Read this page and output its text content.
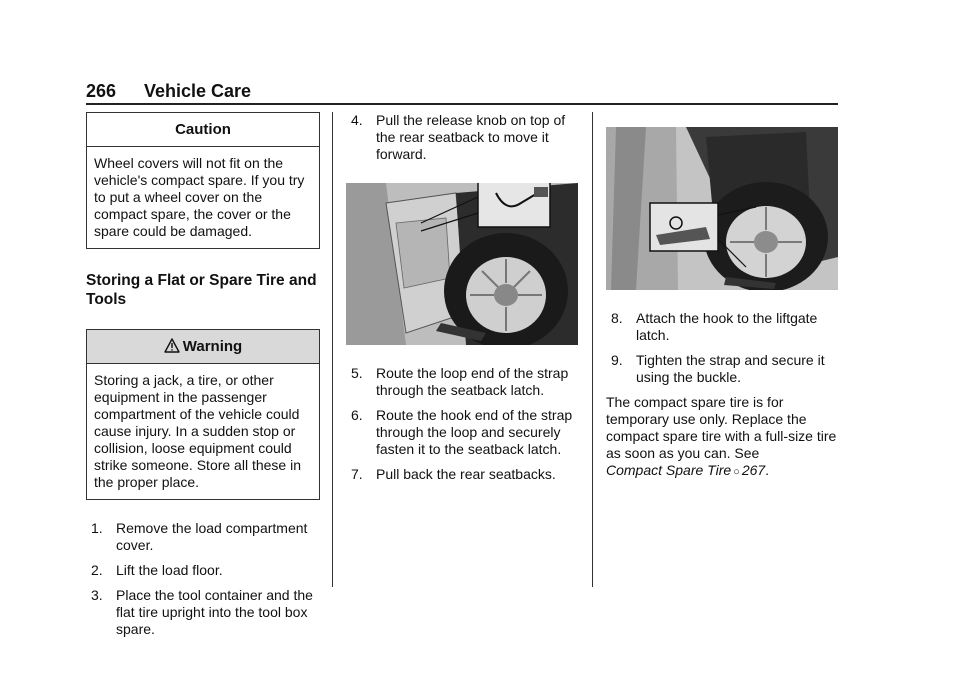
266 Vehicle Care
Caution
Wheel covers will not fit on the vehicle's compact spare. If you try to put a wheel cover on the compact spare, the cover or the spare could be damaged.
Storing a Flat or Spare Tire and Tools
Warning
Storing a jack, a tire, or other equipment in the passenger compartment of the vehicle could cause injury. In a sudden stop or collision, loose equipment could strike someone. Store all these in the proper place.
1. Remove the load compartment cover.
2. Lift the load floor.
3. Place the tool container and the flat tire upright into the tool box spare.
4. Pull the release knob on top of the rear seatback to move it forward.
5. Route the loop end of the strap through the seatback latch.
6. Route the hook end of the strap through the loop and securely fasten it to the seatback latch.
7. Pull back the rear seatbacks.
8. Attach the hook to the liftgate latch.
9. Tighten the strap and secure it using the buckle.

The compact spare tire is for temporary use only. Replace the compact spare tire with a full-size tire as soon as you can. See
Compact Spare Tire ○ 267.
